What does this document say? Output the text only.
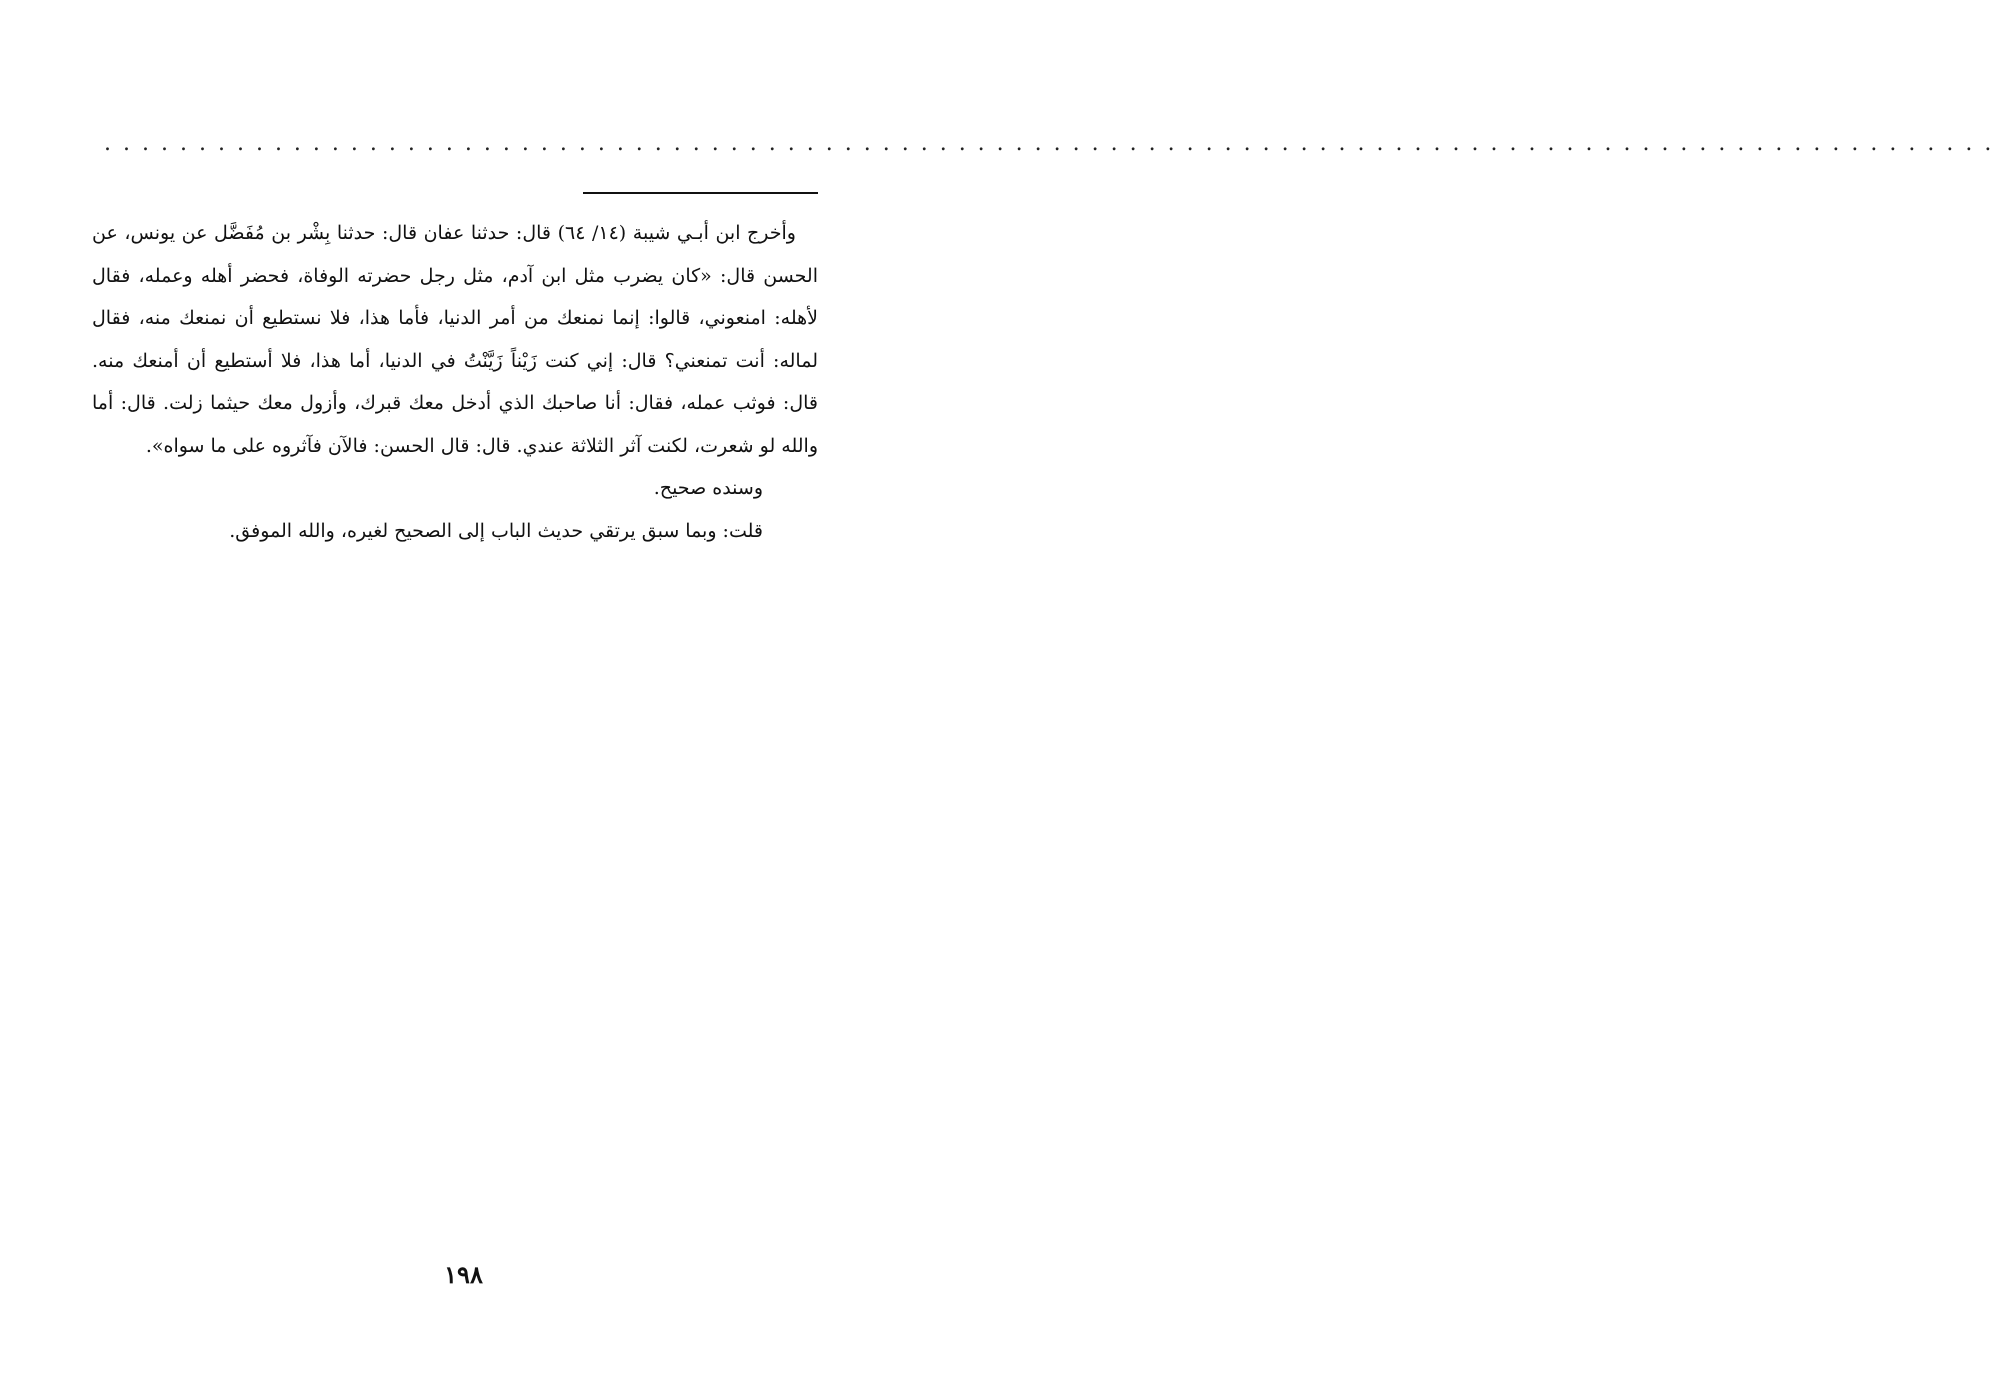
....................................................................................................

وأخرج ابن أبـي شيبة (١٤/ ٦٤) قال: حدثنا عفان قال: حدثنا بِشْر بن مُفَضَّل عن يونس، عن الحسن قال: «كان يضرب مثل ابن آدم، مثل رجل حضرته الوفاة، فحضر أهله وعمله، فقال لأهله: امنعوني، قالوا: إنما نمنعك من أمر الدنيا، فأما هذا، فلا نستطيع أن نمنعك منه، فقال لماله: أنت تمنعني؟ قال: إني كنت زَيْناً زَيَّنْتُ في الدنيا، أما هذا، فلا أستطيع أن أمنعك منه. قال: فوثب عمله، فقال: أنا صاحبك الذي أدخل معك قبرك، وأزول معك حيثما زلت. قال: أما والله لو شعرت، لكنت آثر الثلاثة عندي. قال: قال الحسن: فالآن فآثروه على ما سواه».

وسنده صحيح.

قلت: وبما سبق يرتقي حديث الباب إلى الصحيح لغيره، والله الموفق.

١٩٨
